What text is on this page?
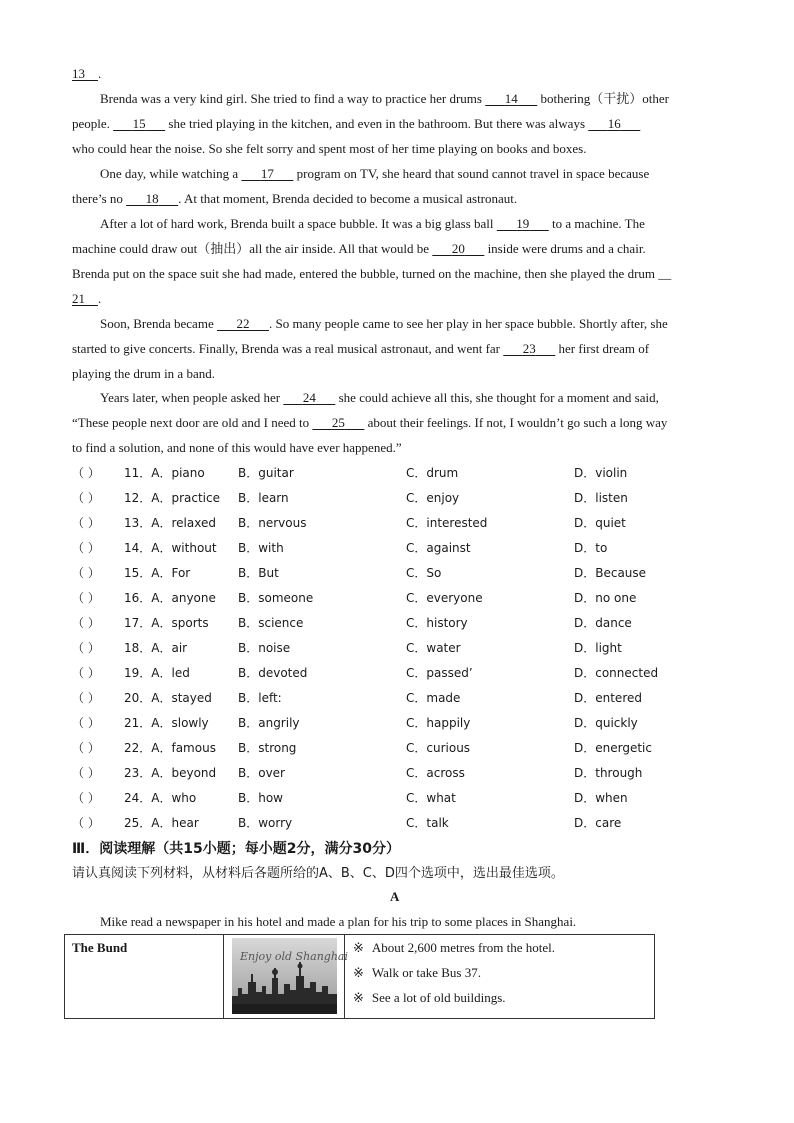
13   .
Brenda was a very kind girl. She tried to find a way to practice her drums    14    bothering（干扰）other
people.    15    she tried playing in the kitchen, and even in the bathroom. But there was always    16   
who could hear the noise. So she felt sorry and spent most of her time playing on books and boxes.
One day, while watching a    17    program on TV, she heard that sound cannot travel in space because
there’s no    18    . At that moment, Brenda decided to become a musical astronaut.
After a lot of hard work, Brenda built a space bubble. It was a big glass ball    19    to a machine. The
machine could draw out（抽出）all the air inside. All that would be    20    inside were drums and a chair.
Brenda put on the space suit she had made, entered the bubble, turned on the machine, then she played the drum __
21   .
Soon, Brenda became    22    . So many people came to see her play in her space bubble. Shortly after, she
started to give concerts. Finally, Brenda was a real musical astronaut, and went far    23    her first dream of
playing the drum in a band.
Years later, when people asked her    24    she could achieve all this, she thought for a moment and said,
“These people next door are old and I need to    25    about their feelings. If not, I wouldn’t go such a long way
to find a solution, and none of this would have ever happened.”
（ ） 11．A．piano	B．guitar	C．drum	D．violin
（ ） 12．A．practice B．learn	C．enjoy	D．listen
（ ） 13．A．relaxed B．nervous	C．interested	D．quiet
（ ） 14．A．without B．with	C．against	D．to
（ ） 15．A．For	B．But	C．So	D．Because
（ ） 16．A．anyone B．someone	C．everyone	D．no one
（ ） 17．A．sports B．science	C．history	D．dance
（ ） 18．A．air	B．noise	C．water	D．light
（ ） 19．A．led	B．devoted	C．passed’	D．connected
（ ） 20．A．stayed B．left:	C．made	D．entered
（ ） 21．A．slowly B．angrily	C．happily	D．quickly
（ ） 22．A．famous B．strong	C．curious	D．energetic
（ ） 23．A．beyond B．over	C．across	D．through
（ ） 24．A．who	B．how	C．what	D．when
（ ） 25．A．hear	B．worry	C．talk	D．care
Ⅲ．阅读理解（共15小题；每小题2分，满分30分）
请认真阅读下列材料，从材料后各题所给的A、B、C、D四个选项中，选出最佳选项。
A
Mike read a newspaper in his hotel and made a plan for his trip to some places in Shanghai.
The Bund

Enjoy old Shanghai

※ About 2,600 metres from the hotel.
※ Walk or take Bus 37.
※ See a lot of old buildings.
